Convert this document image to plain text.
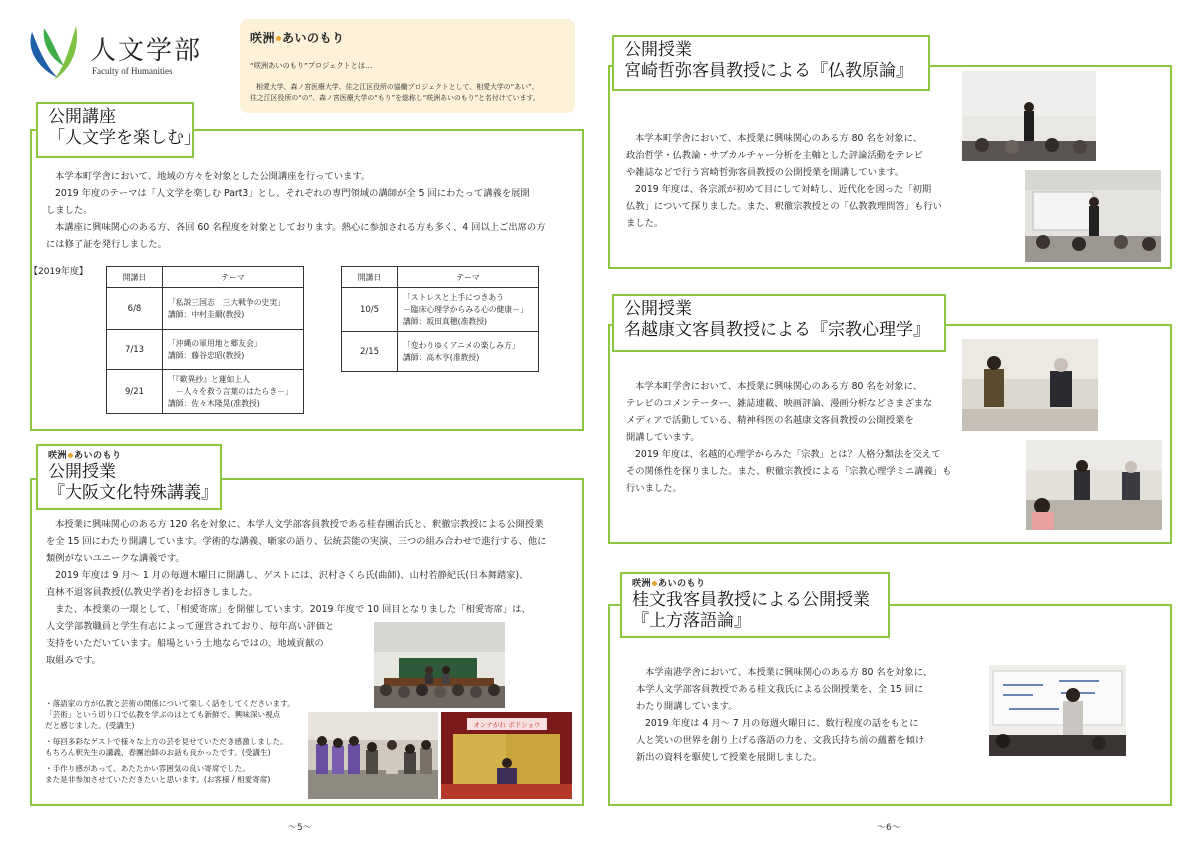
人文学部
Faculty of Humanities
咲洲 あいのもり
“咲洲あいのもり”プロジェクトとは…
相愛大学、森ノ宮医療大学、住之江区役所の協働プロジェクトとして、相愛大学の“あい”、
住之江区役所の“の”、森ノ宮医療大学の“もり”を総称し“咲洲あいのもり”と名付けています。
公開講座
「人文学を楽しむ」

本学本町学舎において、地域の方々を対象とした公開講座を行っています。

2019 年度のテーマは「人文学を楽しむ Part3」とし、それぞれの専門領域の講師が全 5 回にわたって講義を展開

しました。

本講座に興味関心のある方、各回 60 名程度を対象としております。熱心に参加される方も多く、4 回以上ご出席の方

には修了証を発行しました。

【2019年度】	開講日	テーマ
6/8	「私説三国志　三大戦争の史実」
講師：中村圭爾(教授)

7/13	「沖縄の軍用地と郷友会」
講師：藤谷忠昭(教授)

9/21	「『歎異抄』と蓮如上人
　－人々を救う言葉のはたらき－」
講師：佐々木隆晃(准教授)
開講日	テーマ
10/5	「ストレスと上手につきあう
－臨床心理学からみる心の健康－」
講師：坂田真穂(准教授)

2/15	「変わりゆくアニメの楽しみ方」
講師：高木亨(准教授)
咲洲 あいのもり
公開授業
『大阪文化特殊講義』

本授業に興味関心のある方 120 名を対象に、本学人文学部客員教授である桂春團治氏と、釈徹宗教授による公開授業

を全 15 回にわたり開講しています。学術的な講義、噺家の語り、伝統芸能の実演、三つの組み合わせで進行する、他に

類例がないユニークな講義です。

2019 年度は 9 月～ 1 月の毎週木曜日に開講し、ゲストには、沢村さくら氏(曲師)、山村若静紀氏(日本舞踏家)、

直林不退客員教授(仏教史学者)をお招きしました。

また、本授業の一環として、「相愛寄席」を開催しています。2019 年度で 10 回目となりました「相愛寄席」は、

人文学部教職員と学生有志によって運営されており、毎年高い評価と

支持をいただいています。船場という土地ならではの、地域貢献の

取組みです。

・落語家の方が仏教と芸術の関係について楽しく話をしてくださいます。
「芸術」という切り口で仏教を学ぶのはとても新鮮で、興味深い視点
だと感じました。(受講生)

・毎回多彩なゲストで様々な上方の芸を見せていただき感激しました。
もちろん釈先生の講義、春團治師のお話も良かったです。(受講生)

・手作り感があって、あたたかい雰囲気の良い寄席でした。
また是非参加させていただきたいと思います。(お客様 / 相愛寄席)

オンナがれ ポドショウ
公開授業
宮崎哲弥客員教授による『仏教原論』

本学本町学舎において、本授業に興味関心のある方 80 名を対象に、

政治哲学・仏教論・サブカルチャー分析を主軸とした評論活動をテレビ

や雑誌などで行う宮崎哲弥客員教授の公開授業を開講しています。

2019 年度は、各宗派が初めて目にして対峙し、近代化を図った「初期

仏教」について探りました。また、釈徹宗教授との「仏教教理問答」も行い

ました。

公開授業
名越康文客員教授による『宗教心理学』

本学本町学舎において、本授業に興味関心のある方 80 名を対象に、

テレビのコメンテーター、雑誌連載、映画評論、漫画分析などさまざまな

メディアで活動している、精神科医の名越康文客員教授の公開授業を

開講しています。

2019 年度は、名越的心理学からみた「宗教」とは？人格分類法を交えて

その関係性を探りました。また、釈徹宗教授による「宗教心理学ミニ講義」も

行いました。

咲洲 あいのもり
桂文我客員教授による公開授業
『上方落語論』

本学南港学舎において、本授業に興味関心のある方 80 名を対象に、

本学人文学部客員教授である桂文我氏による公開授業を、全 15 回に

わたり開講しています。

2019 年度は 4 月～ 7 月の毎週火曜日に、数行程度の話をもとに

人と笑いの世界を創り上げる落語の力を、文我氏持ち前の蘊蓄を傾け

新出の資料を駆使して授業を展開しました。

～5～	～6～
